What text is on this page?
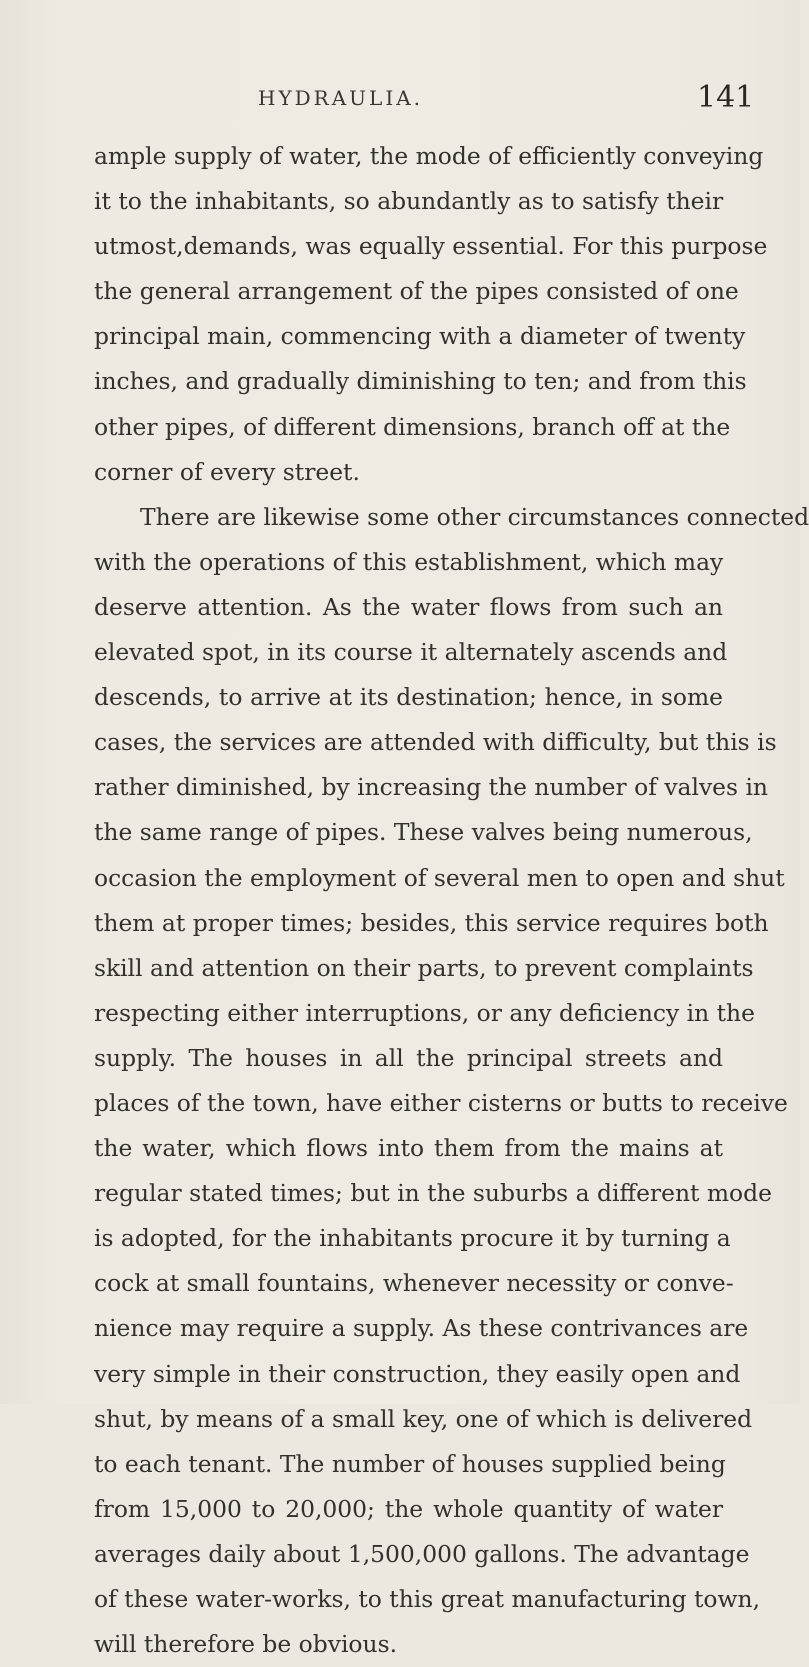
HYDRAULIA.	141
ample supply of water, the mode of efficiently conveying
it to the inhabitants, so abundantly as to satisfy their
utmost,demands, was equally essential. For this purpose
the general arrangement of the pipes consisted of one
principal main, commencing with a diameter of twenty
inches, and gradually diminishing to ten; and from this
other pipes, of different dimensions, branch off at the
corner of every street.
There are likewise some other circumstances connected
with the operations of this establishment, which may
deserve attention. As the water flows from such an
elevated spot, in its course it alternately ascends and
descends, to arrive at its destination; hence, in some
cases, the services are attended with difficulty, but this is
rather diminished, by increasing the number of valves in
the same range of pipes. These valves being numerous,
occasion the employment of several men to open and shut
them at proper times; besides, this service requires both
skill and attention on their parts, to prevent complaints
respecting either interruptions, or any deficiency in the
supply. The houses in all the principal streets and
places of the town, have either cisterns or butts to receive
the water, which flows into them from the mains at
regular stated times; but in the suburbs a different mode
is adopted, for the inhabitants procure it by turning a
cock at small fountains, whenever necessity or conve-
nience may require a supply. As these contrivances are
very simple in their construction, they easily open and
shut, by means of a small key, one of which is delivered
to each tenant. The number of houses supplied being
from 15,000 to 20,000; the whole quantity of water
averages daily about 1,500,000 gallons. The advantage
of these water-works, to this great manufacturing town,
will therefore be obvious.
